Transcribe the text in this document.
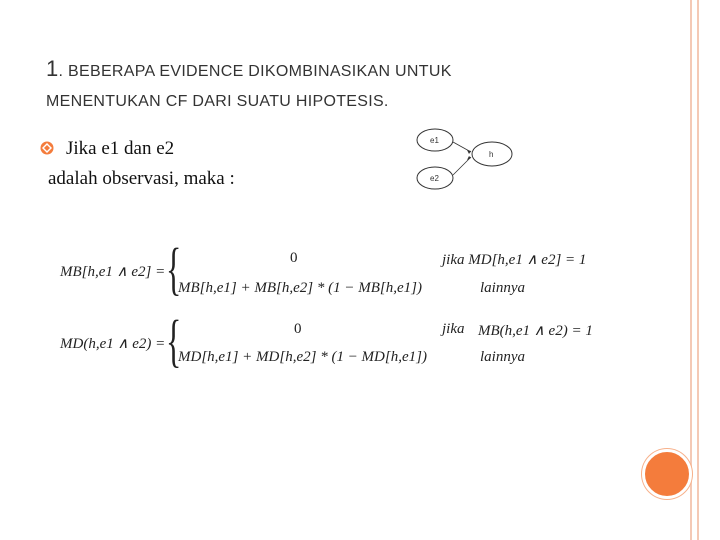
1. BEBERAPA EVIDENCE DIKOMBINASIKAN UNTUK
MENENTUKAN CF DARI SUATU HIPOTESIS.
Jika e1 dan e2
adalah observasi, maka :
e1
e2
h
MB[h,e1 ∧ e2] = {	0
MB[h,e1] + MB[h,e2] * (1 − MB[h,e1])
jika MD[h,e1 ∧ e2] = 1
lainnya
MD(h,e1 ∧ e2) = {	0
MD[h,e1] + MD[h,e2] * (1 − MD[h,e1])
jika MB(h,e1 ∧ e2) = 1
lainnya
